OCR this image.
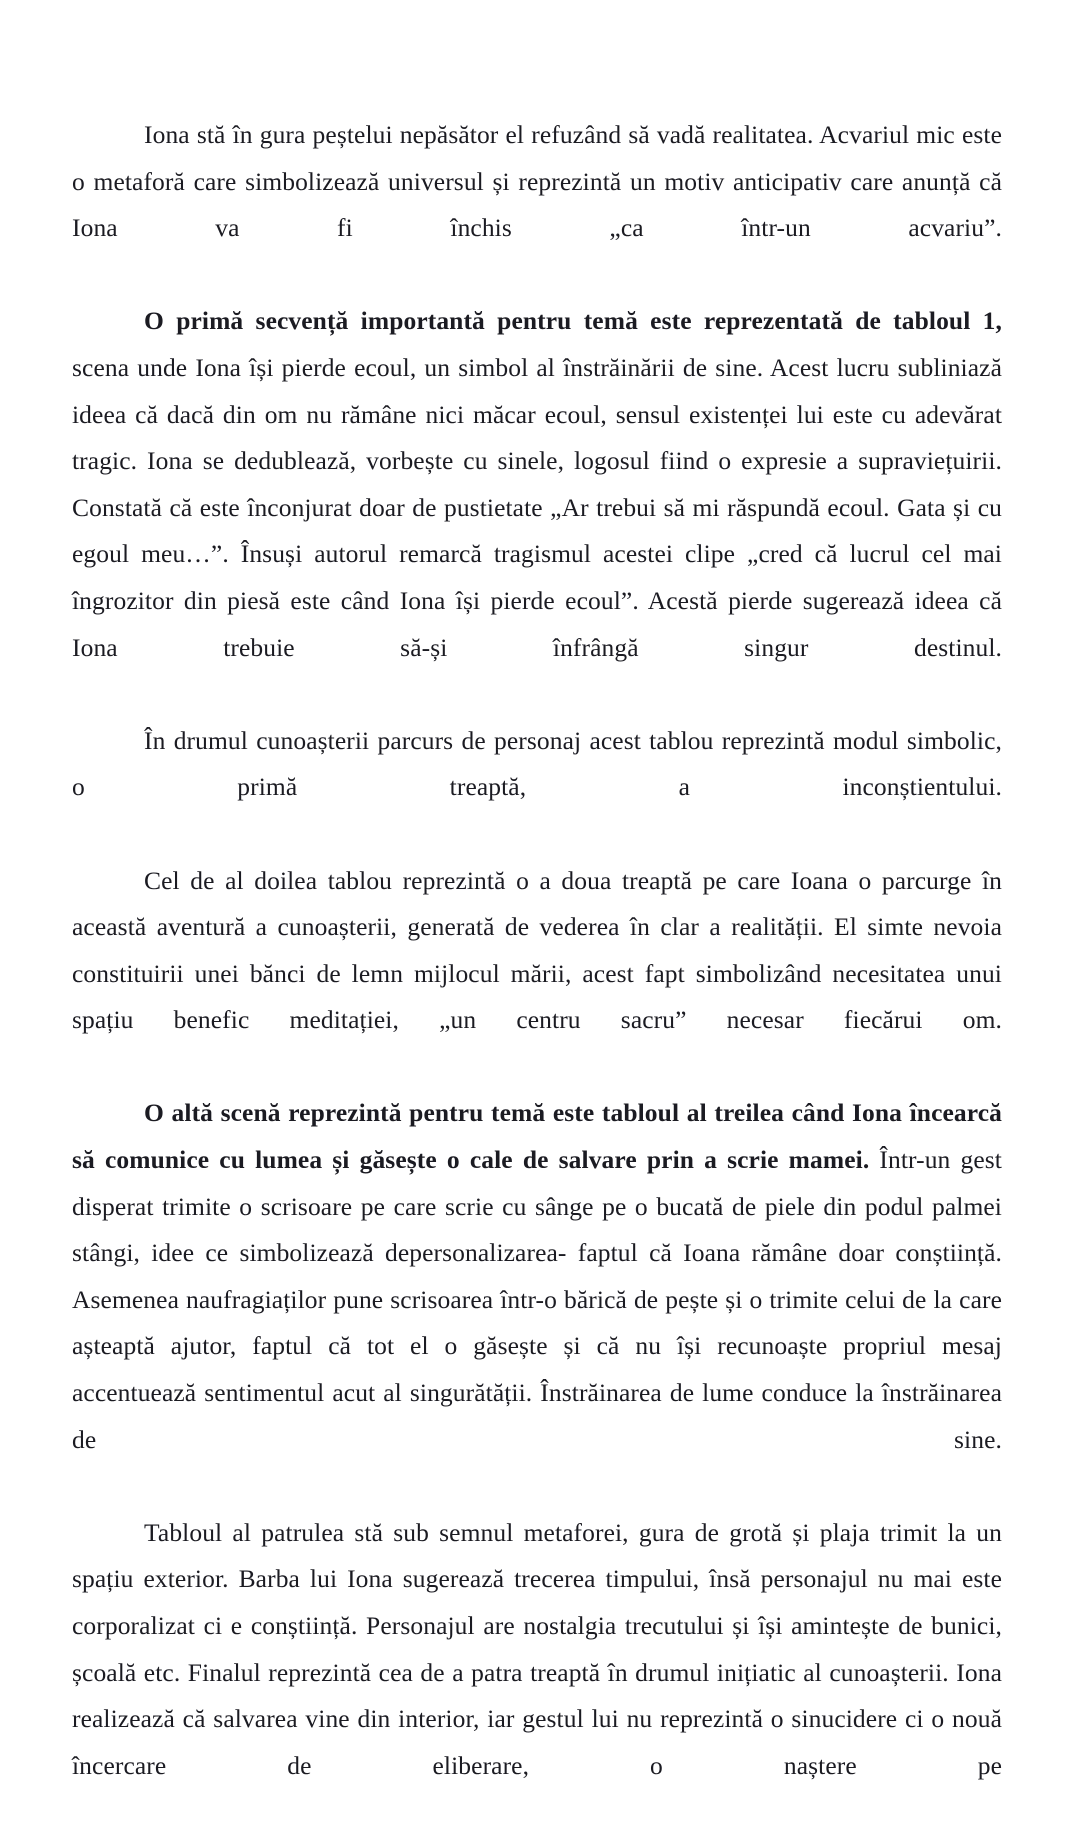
Iona stă în gura peștelui nepăsător el refuzând să vadă realitatea. Acvariul mic este o metaforă care simbolizează universul și reprezintă un motiv anticipativ care anunță că Iona va fi închis „ca într-un acvariu”.

O primă secvență importantă pentru temă este reprezentată de tabloul 1, scena unde Iona își pierde ecoul, un simbol al înstrăinării de sine. Acest lucru subliniază ideea că dacă din om nu rămâne nici măcar ecoul, sensul existenței lui este cu adevărat tragic. Iona se dedublează, vorbește cu sinele, logosul fiind o expresie a supraviețuirii. Constată că este înconjurat doar de pustietate „Ar trebui să mi răspundă ecoul. Gata și cu egoul meu…”. Însuși autorul remarcă tragismul acestei clipe „cred că lucrul cel mai îngrozitor din piesă este când Iona își pierde ecoul”. Acestă pierde sugerează ideea că Iona trebuie să-și înfrângă singur destinul.

În drumul cunoașterii parcurs de personaj acest tablou reprezintă modul simbolic, o primă treaptă, a inconștientului.

Cel de al doilea tablou reprezintă o a doua treaptă pe care Ioana o parcurge în această aventură a cunoașterii, generată de vederea în clar a realității. El simte nevoia constituirii unei bănci de lemn mijlocul mării, acest fapt simbolizând necesitatea unui spațiu benefic meditației, „un centru sacru” necesar fiecărui om.

O altă scenă reprezintă pentru temă este tabloul al treilea când Iona încearcă să comunice cu lumea și găsește o cale de salvare prin a scrie mamei. Într-un gest disperat trimite o scrisoare pe care scrie cu sânge pe o bucată de piele din podul palmei stângi, idee ce simbolizează depersonalizarea- faptul că Ioana rămâne doar conștiință. Asemenea naufragiaților pune scrisoarea într-o bărică de pește și o trimite celui de la care așteaptă ajutor, faptul că tot el o găsește și că nu își recunoaște propriul mesaj accentuează sentimentul acut al singurătății. Înstrăinarea de lume conduce la înstrăinarea de sine.

Tabloul al patrulea stă sub semnul metaforei, gura de grotă și plaja trimit la un spațiu exterior. Barba lui Iona sugerează trecerea timpului, însă personajul nu mai este corporalizat ci e conștiință. Personajul are nostalgia trecutului și își amintește de bunici, școală etc. Finalul reprezintă cea de a patra treaptă în drumul inițiatic al cunoașterii. Iona realizează că salvarea vine din interior, iar gestul lui nu reprezintă o sinucidere ci o nouă încercare de eliberare, o naștere pe
